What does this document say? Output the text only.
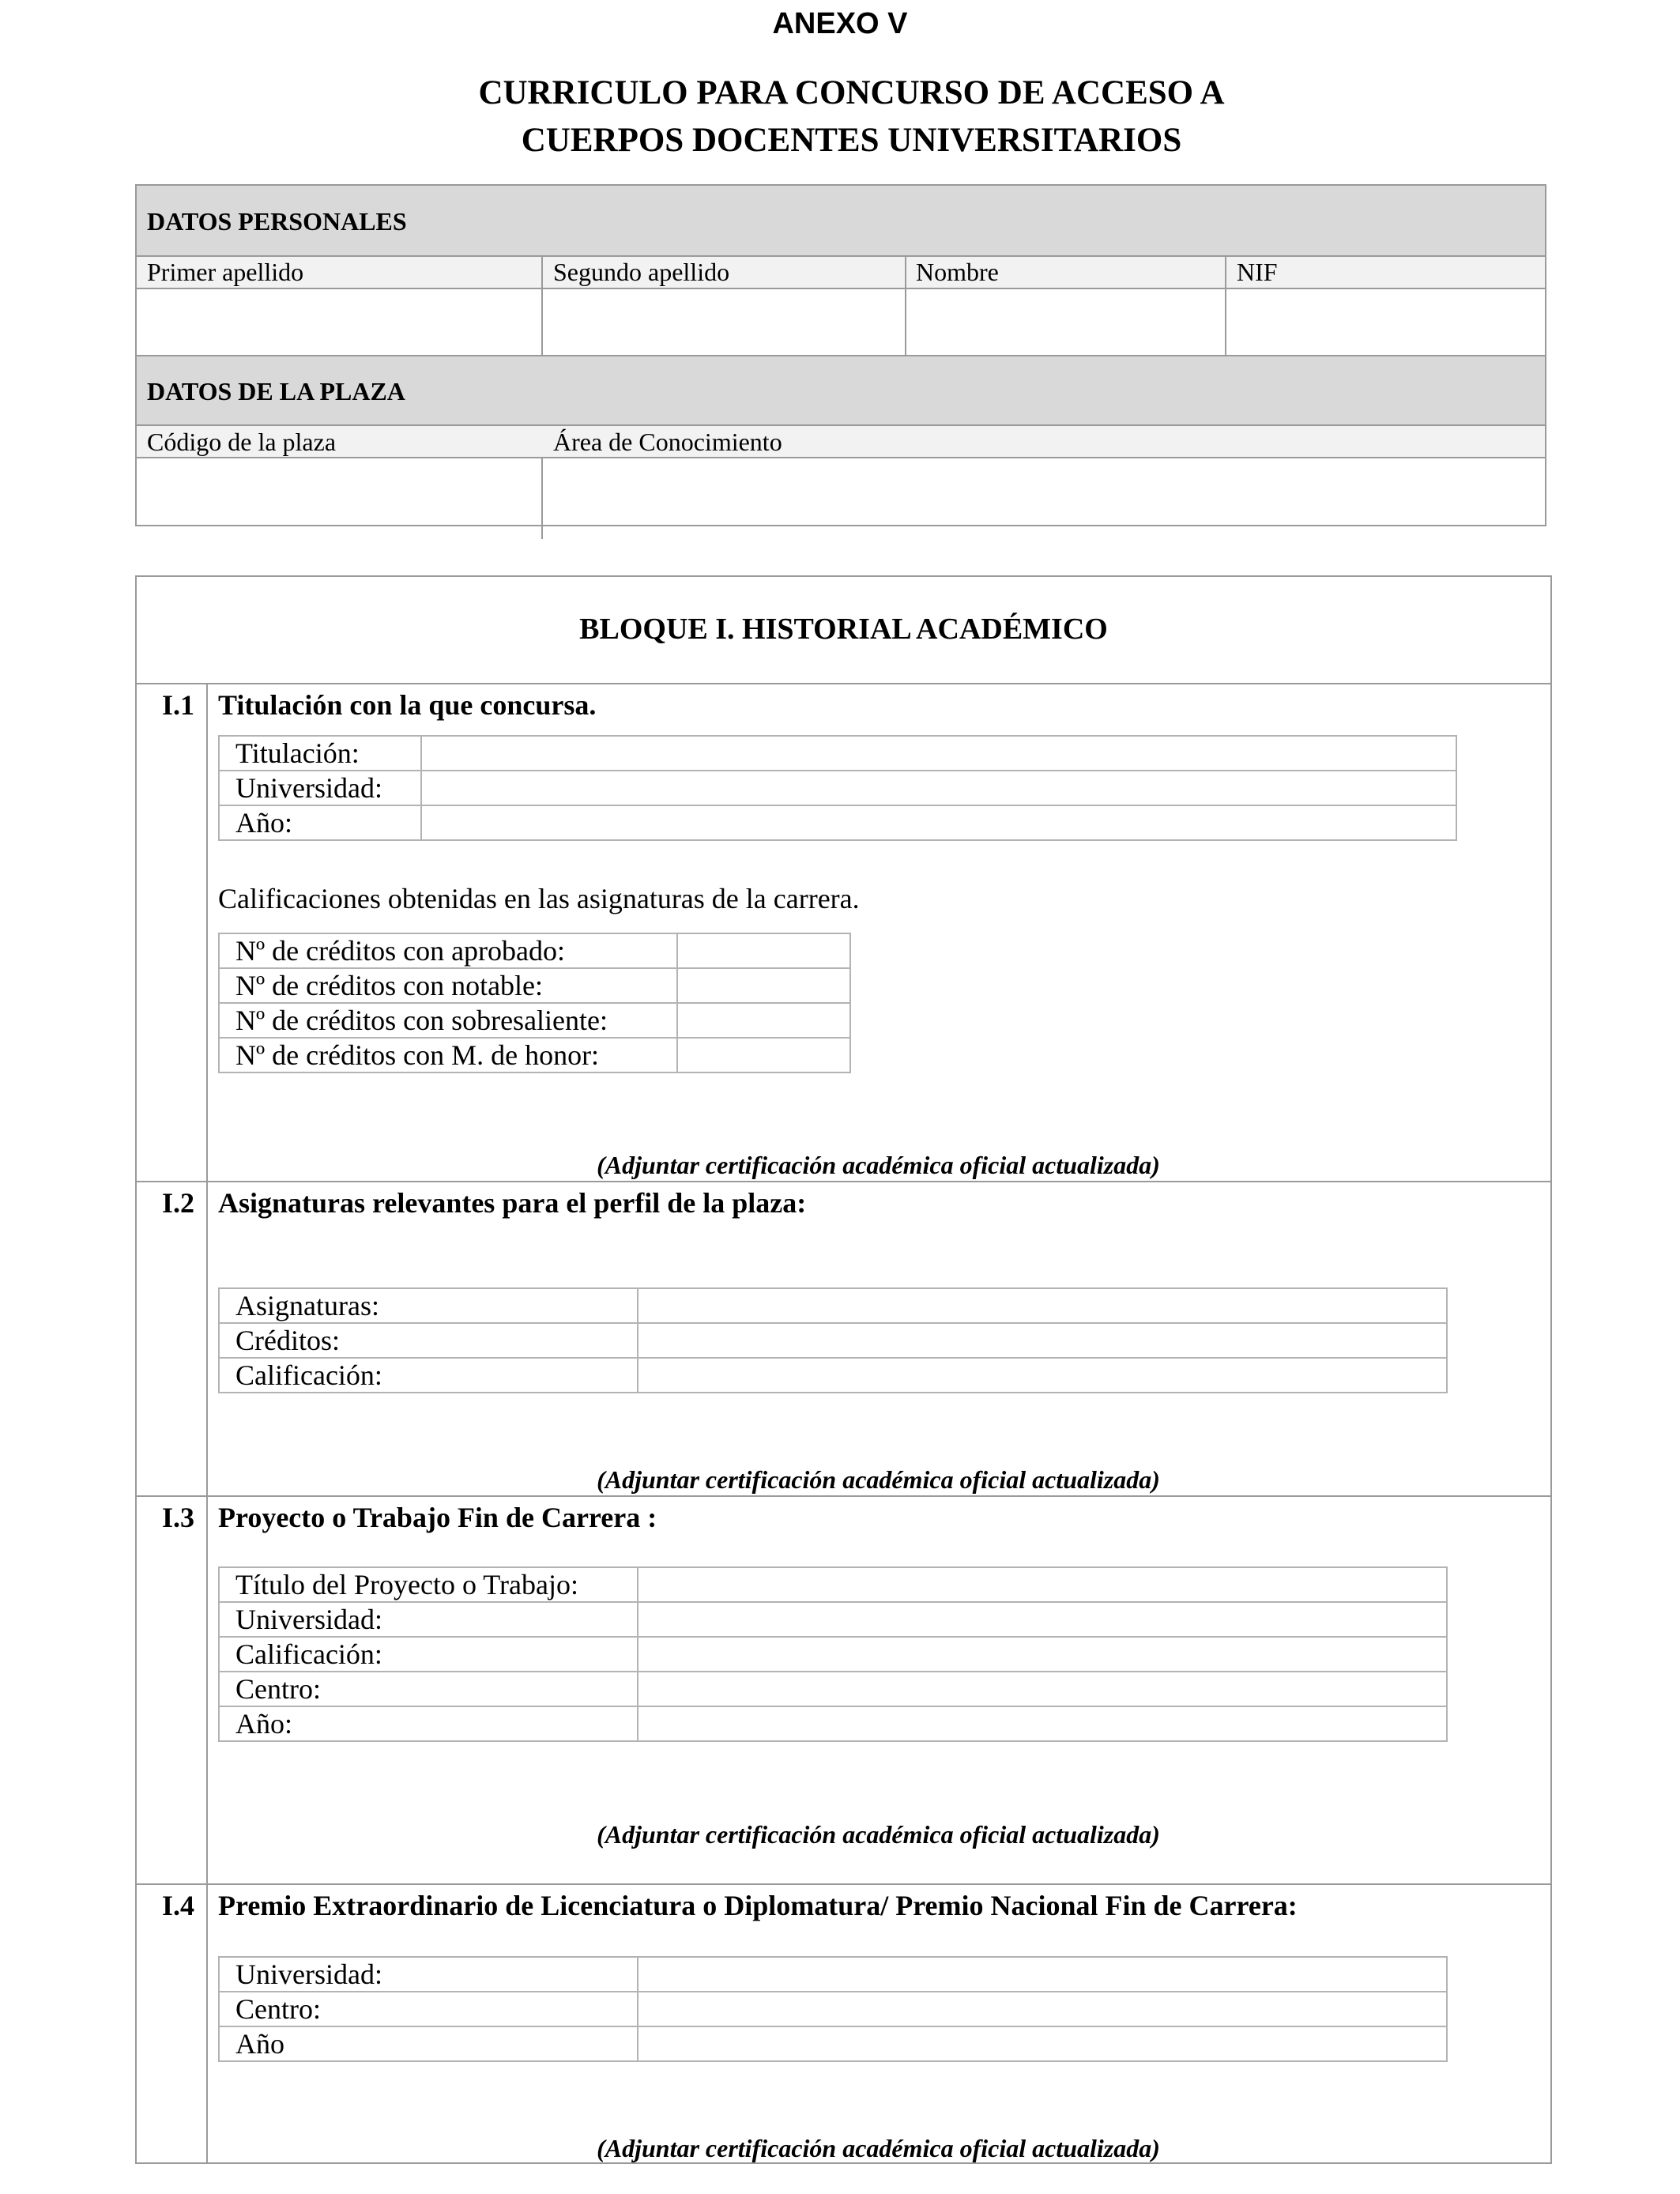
ANEXO V
CURRICULO PARA CONCURSO DE ACCESO A
CUERPOS DOCENTES UNIVERSITARIOS
DATOS PERSONALES
Primer apellido	Segundo apellido	Nombre	NIF
DATOS DE LA PLAZA
Código de la plaza	Área de Conocimiento
BLOQUE I. HISTORIAL ACADÉMICO
I.1 Titulación con la que concursa.
Titulación:	
Universidad:	
Año:	
Calificaciones obtenidas en las asignaturas de la carrera.
Nº de créditos con aprobado:	
Nº de créditos con notable:	
Nº de créditos con sobresaliente:	
Nº de créditos con M. de honor:	
(Adjuntar certificación académica oficial actualizada)
I.2 Asignaturas relevantes para el perfil de la plaza:
Asignaturas:	
Créditos:	
Calificación:	
(Adjuntar certificación académica oficial actualizada)
I.3 Proyecto o Trabajo Fin de Carrera :
Título del Proyecto o Trabajo:	
Universidad:	
Calificación:	
Centro:	
Año:	
(Adjuntar certificación académica oficial actualizada)
I.4 Premio Extraordinario de Licenciatura o Diplomatura/ Premio Nacional Fin de Carrera:
Universidad:	
Centro:	
Año	
(Adjuntar certificación académica oficial actualizada)
